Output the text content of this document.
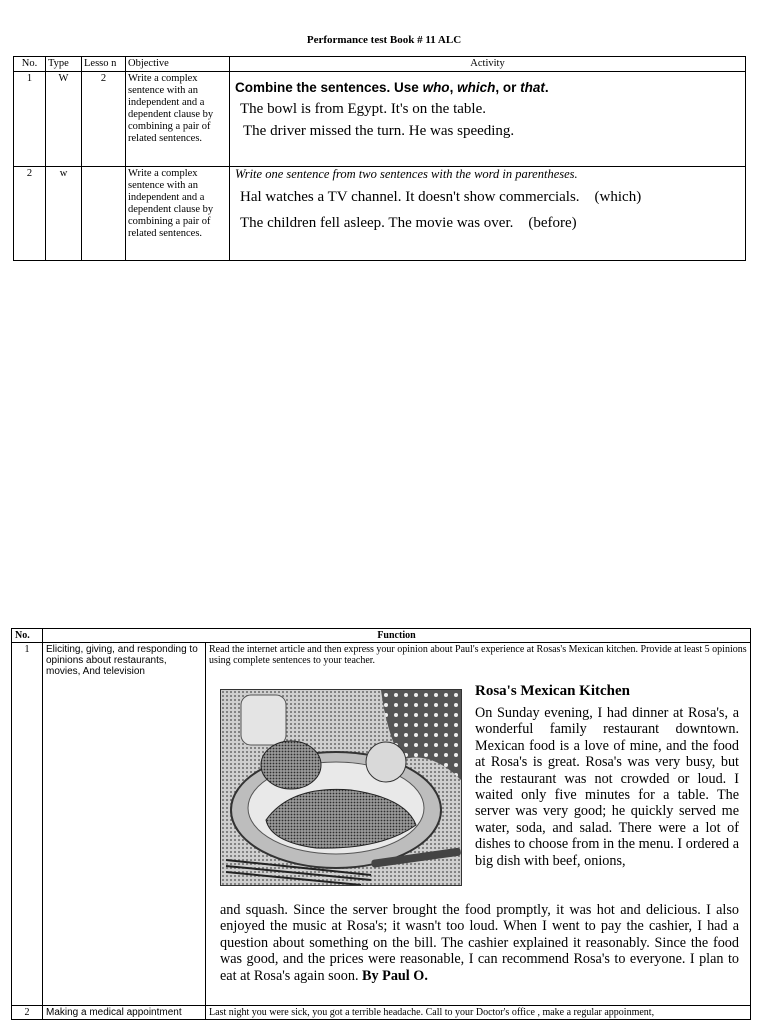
Performance test Book # 11 ALC
No.	Type	Lesso n	Objective	Activity
1	W	2	Write a complex sentence with an independent and a dependent clause by combining a pair of related sentences.	Combine the sentences. Use who, which, or that.
The bowl is from Egypt. It's on the table.
The driver missed the turn. He was speeding.

2	w		Write a complex sentence with an independent and a dependent clause by combining a pair of related sentences.	Write one sentence from two sentences with the word in parentheses.
Hal watches a TV channel. It doesn't show commercials.    (which)
The children fell asleep. The movie was over.    (before)
No.	Function	
1	Eliciting, giving, and responding to opinions about restaurants, movies, And television	Read the internet article and then express your opinion about Paul's experience at Rosas's Mexican kitchen. Provide at least 5 opinions using complete sentences to your teacher.
Rosa's Mexican Kitchen
On Sunday evening, I had dinner at Rosa's, a wonderful family restaurant downtown. Mexican food is a love of mine, and the food at Rosa's is great. Rosa's was very busy, but the restaurant was not crowded or loud. I waited only five minutes for a table. The server was very good; he quickly served me water, soda, and salad. There were a lot of dishes to choose from in the menu. I ordered a big dish with beef, onions,
and squash. Since the server brought the food promptly, it was hot and delicious. I also enjoyed the music at Rosa's; it wasn't too loud. When I went to pay the cashier, I had a question about something on the bill. The cashier explained it reasonably. Since the food was good, and the prices were reasonable, I can recommend Rosa's to everyone. I plan to eat at Rosa's again soon. By Paul O.

2	Making a medical appointment	Last night you were sick, you got a terrible headache. Call to your Doctor's office , make a regular appoinment,
